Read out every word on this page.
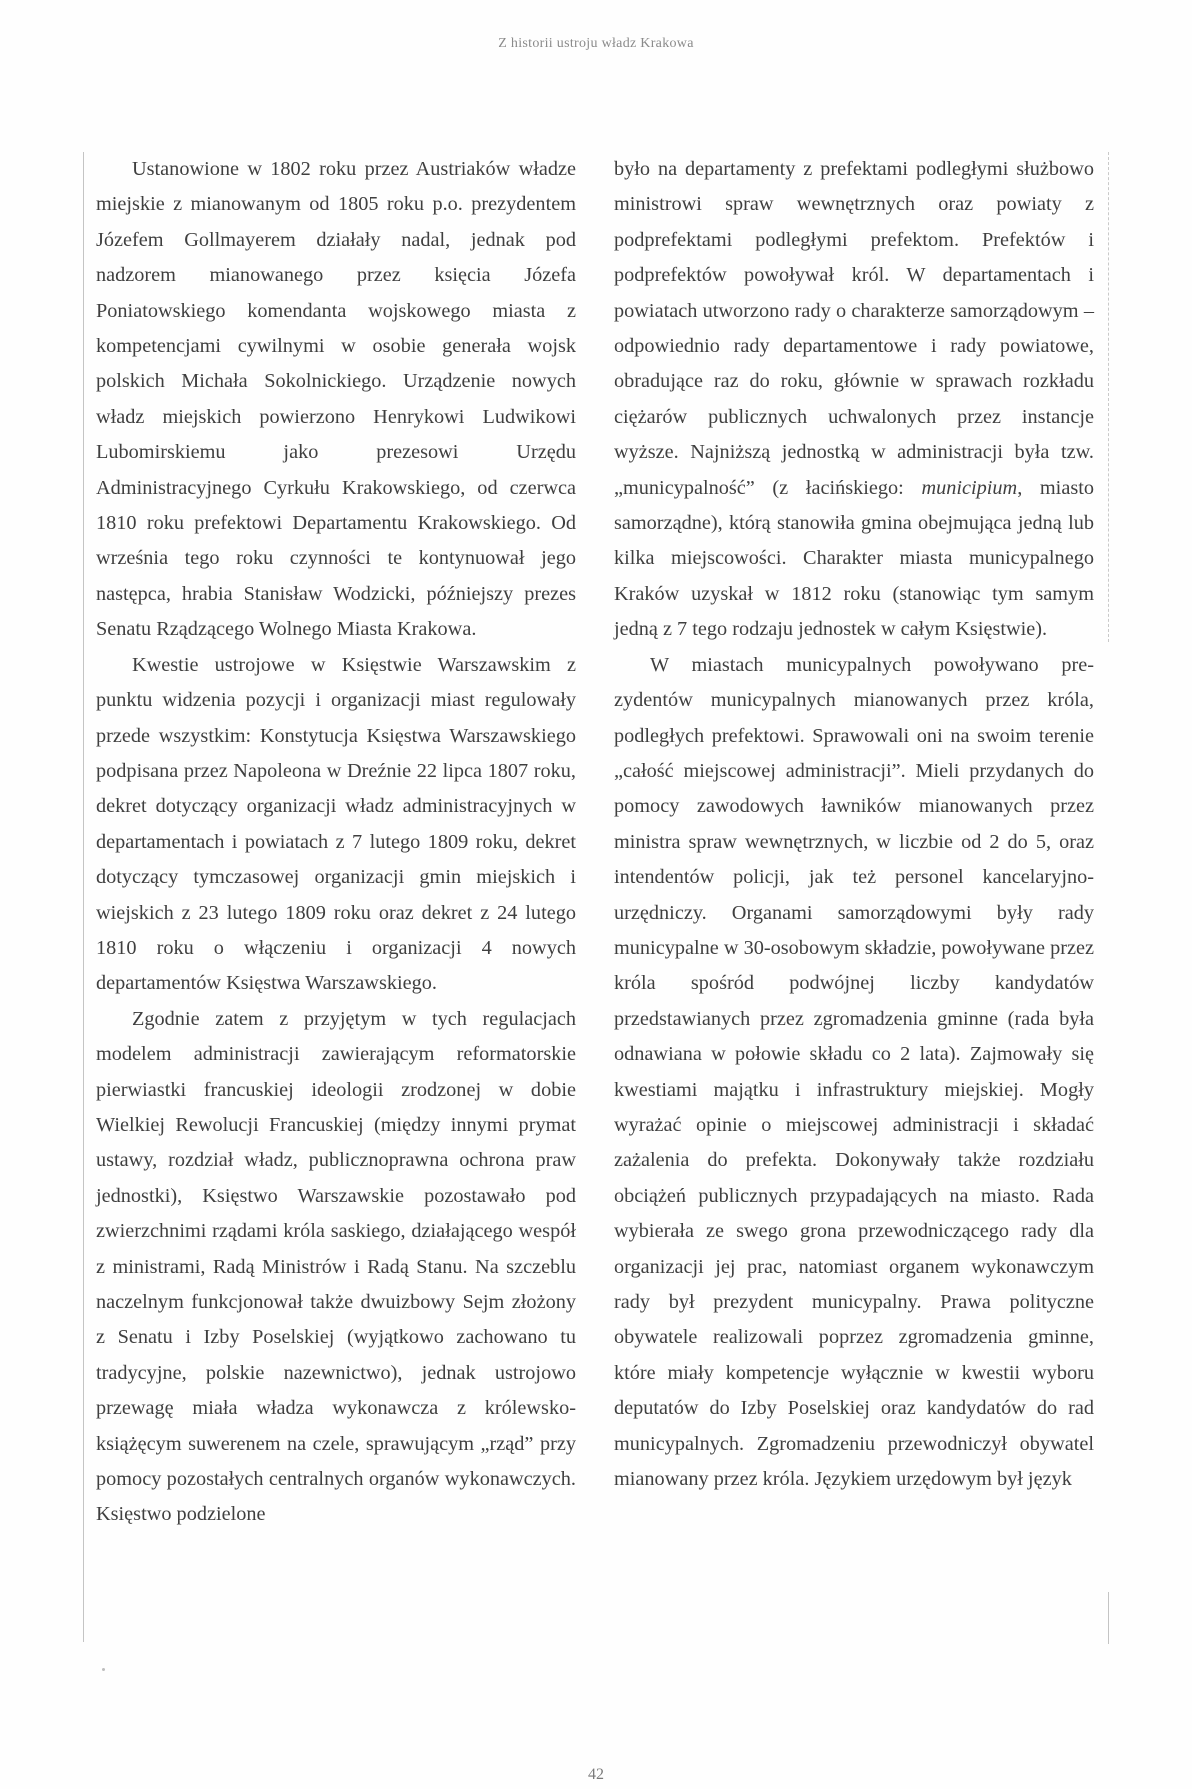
Z historii ustroju władz Krakowa

Ustanowione w 1802 roku przez Austriaków władze miejskie z mianowanym od 1805 roku p.o. prezydentem Józefem Gollmayerem działały nadal, jednak pod nadzorem mianowanego przez księcia Józefa Poniatowskiego komendanta wojskowego miasta z kompetencjami cywilnymi w osobie generała wojsk polskich Michała Sokolnickiego. Urządzenie nowych władz miejskich powierzono Henrykowi Ludwikowi Lubomirskiemu jako prezesowi Urzędu Administracyjnego Cyrkułu Krakowskiego, od czerwca 1810 roku prefektowi Departamentu Krakowskiego. Od września tego roku czynności te kontynuował jego następca, hrabia Stanisław Wodzicki, późniejszy prezes Senatu Rządzącego Wolnego Miasta Krakowa.

Kwestie ustrojowe w Księstwie Warszawskim z punktu widzenia pozycji i organizacji miast regulowały przede wszystkim: Konstytucja Księstwa Warszawskiego podpisana przez Napoleona w Dreźnie 22 lipca 1807 roku, dekret dotyczący organizacji władz administracyjnych w departamentach i powiatach z 7 lutego 1809 roku, dekret dotyczący tymczasowej organizacji gmin miejskich i wiejskich z 23 lutego 1809 roku oraz dekret z 24 lutego 1810 roku o włączeniu i organizacji 4 nowych departamentów Księstwa Warszawskiego.

Zgodnie zatem z przyjętym w tych regulacjach modelem administracji zawierającym reformatorskie pierwiastki francuskiej ideologii zrodzonej w dobie Wielkiej Rewolucji Francuskiej (między innymi prymat ustawy, rozdział władz, publicznoprawna ochrona praw jednostki), Księstwo Warszawskie pozostawało pod zwierzchnimi rządami króla saskiego, działającego wespół z ministrami, Radą Ministrów i Radą Stanu. Na szczeblu naczelnym funkcjonował także dwuizbowy Sejm złożony z Senatu i Izby Poselskiej (wyjątkowo zachowano tu tradycyjne, polskie nazewnictwo), jednak ustrojowo przewagę miała władza wykonawcza z królewsko-książęcym suwerenem na czele, sprawującym „rząd” przy pomocy pozostałych centralnych organów wykonawczych. Księstwo podzielone

było na departamenty z prefektami podległymi służbowo ministrowi spraw wewnętrznych oraz powiaty z podprefektami podległymi prefektom. Prefektów i podprefektów powoływał król. W departamentach i powiatach utworzono rady o charakterze samorządowym – odpowiednio rady departamentowe i rady powiatowe, obradujące raz do roku, głównie w sprawach rozkładu ciężarów publicznych uchwalonych przez instancje wyższe. Najniższą jednostką w administracji była tzw. „municypalność” (z łacińskiego: municipium, miasto samorządne), którą stanowiła gmina obejmująca jedną lub kilka miejscowości. Charakter miasta municypalnego Kraków uzyskał w 1812 roku (stanowiąc tym samym jedną z 7 tego rodzaju jednostek w całym Księstwie).

W miastach municypalnych powoływano prezydentów municypalnych mianowanych przez króla, podległych prefektowi. Sprawowali oni na swoim terenie „całość miejscowej administracji”. Mieli przydanych do pomocy zawodowych ławników mianowanych przez ministra spraw wewnętrznych, w liczbie od 2 do 5, oraz intendentów policji, jak też personel kancelaryjno-urzędniczy. Organami samorządowymi były rady municypalne w 30-osobowym składzie, powoływane przez króla spośród podwójnej liczby kandydatów przedstawianych przez zgromadzenia gminne (rada była odnawiana w połowie składu co 2 lata). Zajmowały się kwestiami majątku i infrastruktury miejskiej. Mogły wyrażać opinie o miejscowej administracji i składać zażalenia do prefekta. Dokonywały także rozdziału obciążeń publicznych przypadających na miasto. Rada wybierała ze swego grona przewodniczącego rady dla organizacji jej prac, natomiast organem wykonawczym rady był prezydent municypalny. Prawa polityczne obywatele realizowali poprzez zgromadzenia gminne, które miały kompetencje wyłącznie w kwestii wyboru deputatów do Izby Poselskiej oraz kandydatów do rad municypalnych. Zgromadzeniu przewodniczył obywatel mianowany przez króla. Językiem urzędowym był język

42
